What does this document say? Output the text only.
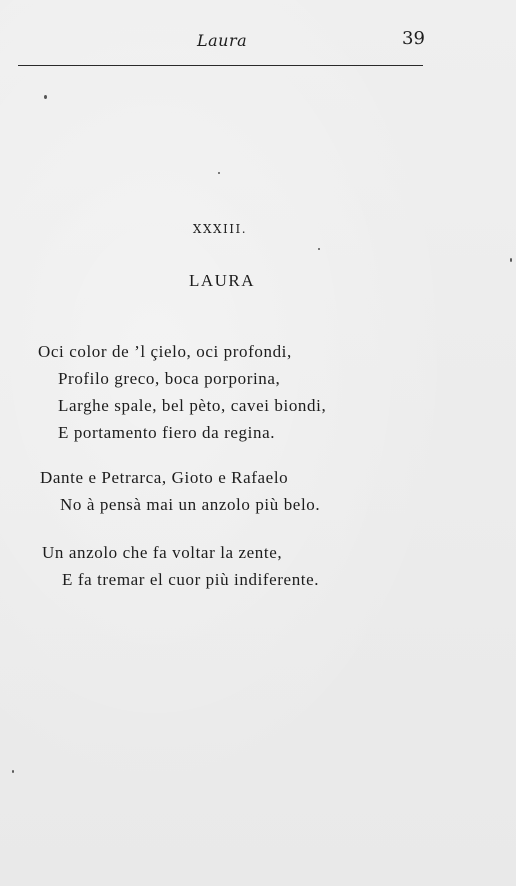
Laura	39
XXXIII.
LAURA
Oci color de ’l çielo, oci profondi,
Profilo greco, boca porporina,
Larghe spale, bel pèto, cavei biondi,
E portamento fiero da regina.
Dante e Petrarca, Gioto e Rafaelo
No à pensà mai un anzolo più belo.
Un anzolo che fa voltar la zente,
E fa tremar el cuor più indiferente.
